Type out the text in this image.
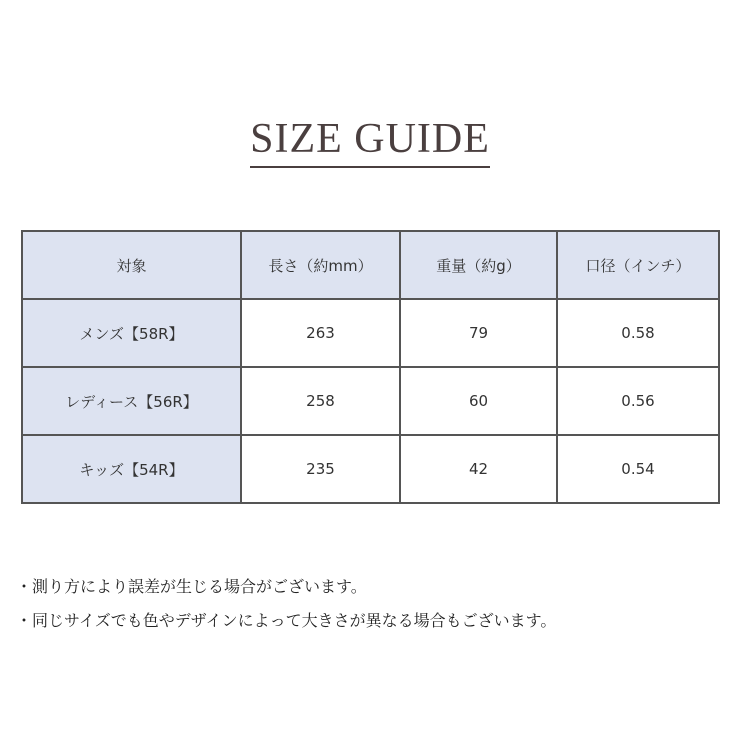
SIZE GUIDE
対象	長さ（約mm）	重量（約g）	口径（インチ）
メンズ【58R】	263	79	0.58
レディース【56R】	258	60	0.56
キッズ【54R】	235	42	0.54
・測り方により誤差が生じる場合がございます。
・同じサイズでも色やデザインによって大きさが異なる場合もございます。
